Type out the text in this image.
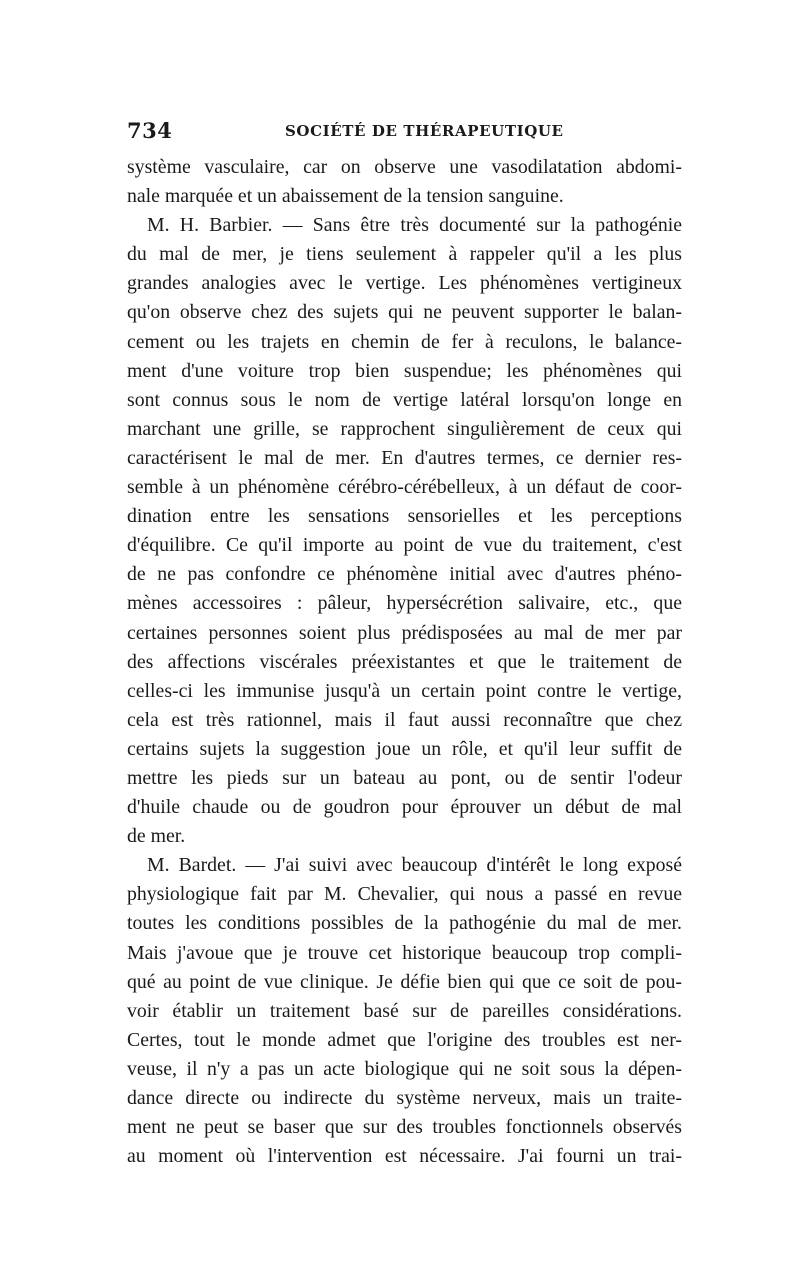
734	SOCIÉTÉ DE THÉRAPEUTIQUE
système vasculaire, car on observe une vasodilatation abdomi-
nale marquée et un abaissement de la tension sanguine.
M. H. Barbier. — Sans être très documenté sur la pathogénie
du mal de mer, je tiens seulement à rappeler qu'il a les plus
grandes analogies avec le vertige. Les phénomènes vertigineux
qu'on observe chez des sujets qui ne peuvent supporter le balan-
cement ou les trajets en chemin de fer à reculons, le balance-
ment d'une voiture trop bien suspendue; les phénomènes qui
sont connus sous le nom de vertige latéral lorsqu'on longe en
marchant une grille, se rapprochent singulièrement de ceux qui
caractérisent le mal de mer. En d'autres termes, ce dernier res-
semble à un phénomène cérébro-cérébelleux, à un défaut de coor-
dination entre les sensations sensorielles et les perceptions
d'équilibre. Ce qu'il importe au point de vue du traitement, c'est
de ne pas confondre ce phénomène initial avec d'autres phéno-
mènes accessoires : pâleur, hypersécrétion salivaire, etc., que
certaines personnes soient plus prédisposées au mal de mer par
des affections viscérales préexistantes et que le traitement de
celles-ci les immunise jusqu'à un certain point contre le vertige,
cela est très rationnel, mais il faut aussi reconnaître que chez
certains sujets la suggestion joue un rôle, et qu'il leur suffit de
mettre les pieds sur un bateau au pont, ou de sentir l'odeur
d'huile chaude ou de goudron pour éprouver un début de mal
de mer.
M. Bardet. — J'ai suivi avec beaucoup d'intérêt le long exposé
physiologique fait par M. Chevalier, qui nous a passé en revue
toutes les conditions possibles de la pathogénie du mal de mer.
Mais j'avoue que je trouve cet historique beaucoup trop compli-
qué au point de vue clinique. Je défie bien qui que ce soit de pou-
voir établir un traitement basé sur de pareilles considérations.
Certes, tout le monde admet que l'origine des troubles est ner-
veuse, il n'y a pas un acte biologique qui ne soit sous la dépen-
dance directe ou indirecte du système nerveux, mais un traite-
ment ne peut se baser que sur des troubles fonctionnels observés
au moment où l'intervention est nécessaire. J'ai fourni un trai-
